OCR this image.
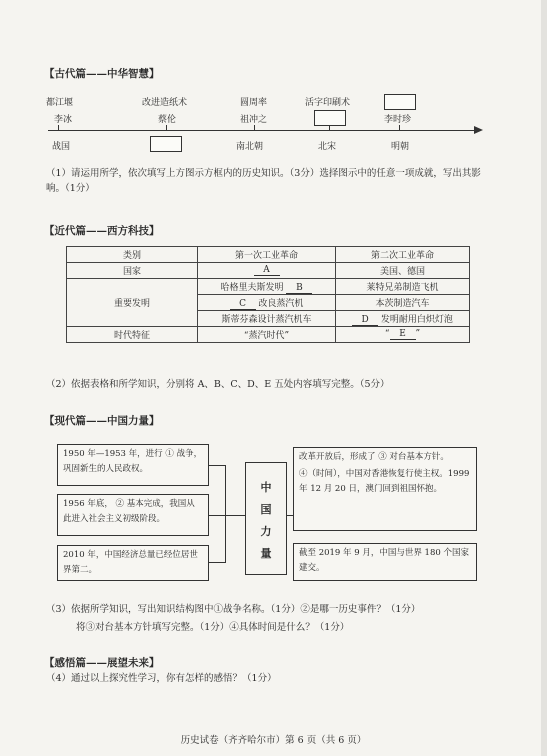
【古代篇——中华智慧】
都江堰
李冰
战国
改进造纸术
蔡伦
圆周率
祖冲之
南北朝
活字印刷术
北宋
李时珍
明朝
（1）请运用所学，依次填写上方图示方框内的历史知识。（3分）选择图示中的任意一项成就，写出其影响。（1分）
【近代篇——西方科技】
类别	第一次工业革命	第二次工业革命
国家	A	美国、德国
重要发明	哈格里夫斯发明 B	莱特兄弟制造飞机
	C 改良蒸汽机	本茨制造汽车
	斯蒂芬森设计蒸汽机车	D 发明耐用白炽灯泡
时代特征	“蒸汽时代”	“ E ”
（2）依据表格和所学知识，分别将 A、B、C、D、E 五处内容填写完整。（5分）
【现代篇——中国力量】
1950 年—1953 年，进行 ① 战争，巩固新生的人民政权。
1956 年底， ② 基本完成，我国从此进入社会主义初级阶段。
2010 年，中国经济总量已经位居世界第二。
中
国
力
量
改革开放后，形成了 ③ 对台基本方针。
④（时间），中国对香港恢复行使主权。1999 年 12 月 20 日，澳门回到祖国怀抱。
截至 2019 年 9 月，中国与世界 180 个国家建交。
（3）依据所学知识，写出知识结构图中①战争名称。（1分）②是哪一历史事件？（1分）
将③对台基本方针填写完整。（1分）④具体时间是什么？（1分）
【感悟篇——展望未来】
（4）通过以上探究性学习，你有怎样的感悟？（1分）
历史试卷（齐齐哈尔市）第 6 页（共 6 页）
